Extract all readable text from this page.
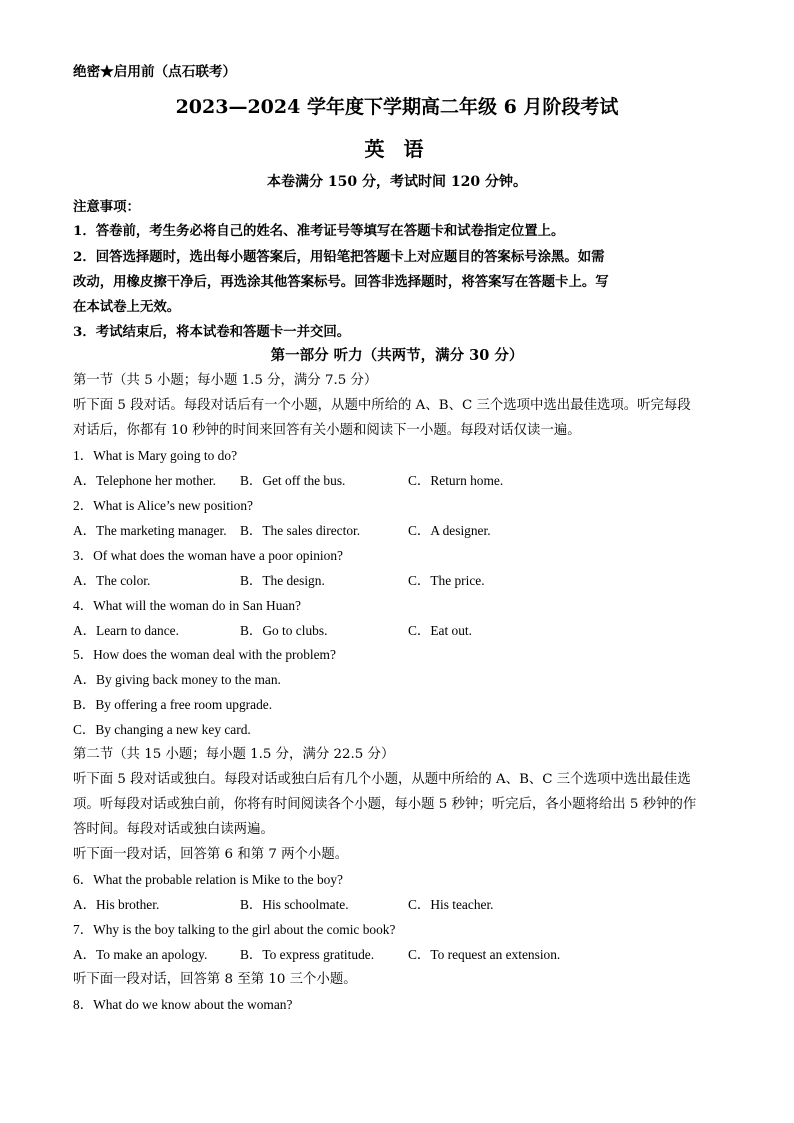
绝密★启用前（点石联考）
2023—2024 学年度下学期高二年级 6 月阶段考试
英 语
本卷满分 150 分，考试时间 120 分钟。
注意事项：
1．答卷前，考生务必将自己的姓名、准考证号等填写在答题卡和试卷指定位置上。
2．回答选择题时，选出每小题答案后，用铅笔把答题卡上对应题目的答案标号涂黑。如需
改动，用橡皮擦干净后，再选涂其他答案标号。回答非选择题时，将答案写在答题卡上。写
在本试卷上无效。
3．考试结束后，将本试卷和答题卡一并交回。
第一部分 听力（共两节，满分 30 分）
第一节（共 5 小题；每小题 1.5 分，满分 7.5 分）
听下面 5 段对话。每段对话后有一个小题，从题中所给的 A、B、C 三个选项中选出最佳选项。听完每段
对话后，你都有 10 秒钟的时间来回答有关小题和阅读下一小题。每段对话仅读一遍。
1．What is Mary going to do?
A．Telephone her mother. B．Get off the bus.	C．Return home.
2．What is Alice’s new position?
A．The marketing manager. B．The sales director.	C．A designer.
3．Of what does the woman have a poor opinion?
A．The color.	B．The design.	C．The price.
4．What will the woman do in San Huan?
A．Learn to dance.	B．Go to clubs.	C．Eat out.
5．How does the woman deal with the problem?
A．By giving back money to the man.
B．By offering a free room upgrade.
C．By changing a new key card.
第二节（共 15 小题；每小题 1.5 分，满分 22.5 分）
听下面 5 段对话或独白。每段对话或独白后有几个小题，从题中所给的 A、B、C 三个选项中选出最佳选
项。听每段对话或独白前，你将有时间阅读各个小题，每小题 5 秒钟；听完后，各小题将给出 5 秒钟的作
答时间。每段对话或独白读两遍。
听下面一段对话，回答第 6 和第 7 两个小题。
6．What the probable relation is Mike to the boy?
A．His brother.	B．His schoolmate.	C．His teacher.
7．Why is the boy talking to the girl about the comic book?
A．To make an apology. B．To express gratitude.	C．To request an extension.
听下面一段对话，回答第 8 至第 10 三个小题。
8．What do we know about the woman?
